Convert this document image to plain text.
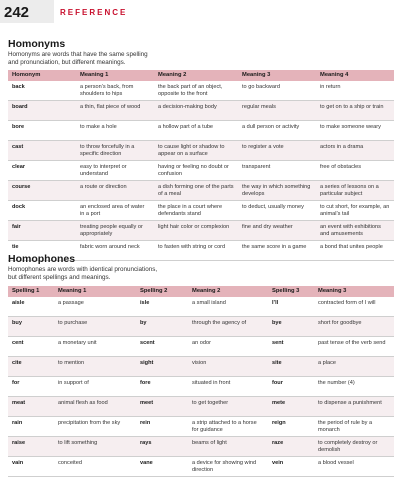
242	REFERENCE
Homonyms
Homonyms are words that have the same spelling
and pronunciation, but different meanings.
Homonym	Meaning 1	Meaning 2	Meaning 3	Meaning 4
back	a person’s back, from shoulders to hips	the back part of an object, opposite to the front	to go backward	in return
board	a thin, flat piece of wood	a decision-making body	regular meals	to get on to a ship or train
bore	to make a hole	a hollow part of a tube	a dull person or activity	to make someone weary
cast	to throw forcefully in a specific direction	to cause light or shadow to appear on a surface	to register a vote	actors in a drama
clear	easy to interpret or understand	having or feeling no doubt or confusion	transparent	free of obstacles
course	a route or direction	a dish forming one of the parts of a meal	the way in which something develops	a series of lessons on a particular subject
dock	an enclosed area of water in a port	the place in a court where defendants stand	to deduct, usually money	to cut short, for example, an animal’s tail
fair	treating people equally or appropriately	light hair color or complexion	fine and dry weather	an event with exhibitions and amusements
tie	fabric worn around neck	to fasten with string or cord	the same score in a game	a bond that unites people
Homophones
Homophones are words with identical pronunciations,
but different spellings and meanings.
Spelling 1	Meaning 1	Spelling 2	Meaning 2	Spelling 3	Meaning 3
aisle	a passage	isle	a small island	I’ll	contracted form of I will
buy	to purchase	by	through the agency of	bye	short for goodbye
cent	a monetary unit	scent	an odor	sent	past tense of the verb send
cite	to mention	sight	vision	site	a place
for	in support of	fore	situated in front	four	the number (4)
meat	animal flesh as food	meet	to get together	mete	to dispense a punishment
rain	precipitation from the sky	rein	a strip attached to a horse for guidance	reign	the period of rule by a monarch
raise	to lift something	rays	beams of light	raze	to completely destroy or demolish
vain	conceited	vane	a device for showing wind direction	vein	a blood vessel
